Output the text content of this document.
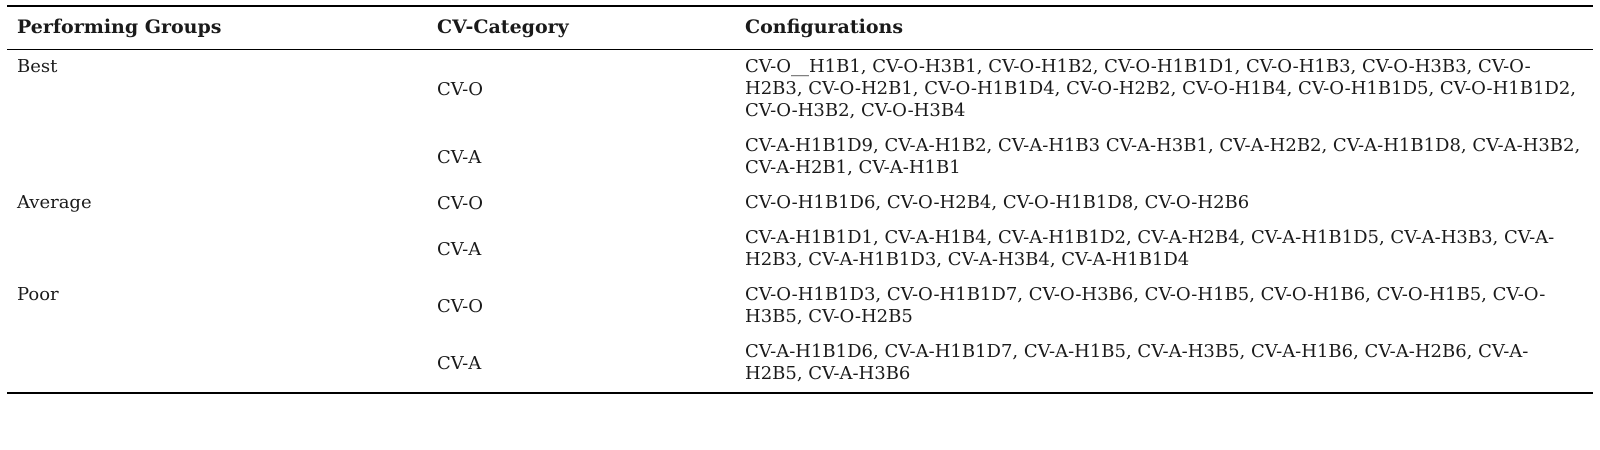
Performing Groups	CV-Category	Configurations

Best	CV-O	CV-O__H1B1, CV-O-H3B1, CV-O-H1B2, CV-O-H1B1D1, CV-O-H1B3, CV-O-H3B3, CV-O-H2B3, CV-O-H2B1, CV-O-H1B1D4, CV-O-H2B2, CV-O-H1B4, CV-O-H1B1D5, CV-O-H1B1D2, CV-O-H3B2, CV-O-H3B4

	CV-A	CV-A-H1B1D9, CV-A-H1B2, CV-A-H1B3 CV-A-H3B1, CV-A-H2B2, CV-A-H1B1D8, CV-A-H3B2, CV-A-H2B1, CV-A-H1B1

Average	CV-O	CV-O-H1B1D6, CV-O-H2B4, CV-O-H1B1D8, CV-O-H2B6

	CV-A	CV-A-H1B1D1, CV-A-H1B4, CV-A-H1B1D2, CV-A-H2B4, CV-A-H1B1D5, CV-A-H3B3, CV-A-H2B3, CV-A-H1B1D3, CV-A-H3B4, CV-A-H1B1D4

Poor	CV-O	CV-O-H1B1D3, CV-O-H1B1D7, CV-O-H3B6, CV-O-H1B5, CV-O-H1B6, CV-O-H1B5, CV-O-H3B5, CV-O-H2B5

	CV-A	CV-A-H1B1D6, CV-A-H1B1D7, CV-A-H1B5, CV-A-H3B5, CV-A-H1B6, CV-A-H2B6, CV-A-H2B5, CV-A-H3B6
